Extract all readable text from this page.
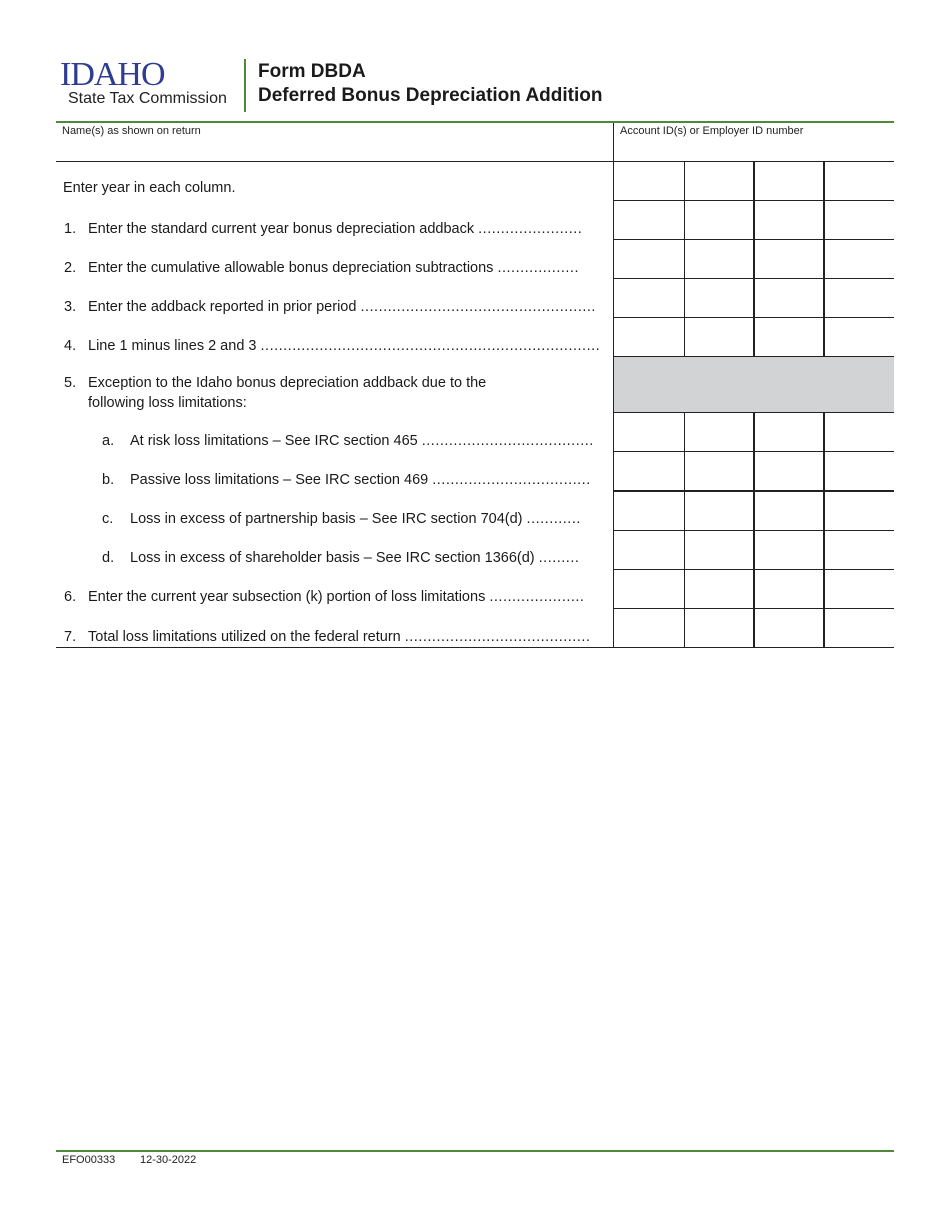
IDAHO
State Tax Commission
Form DBDA
Deferred Bonus Depreciation Addition
Name(s) as shown on return	Account ID(s) or Employer ID number
Enter year in each column.
1. Enter the standard current year bonus depreciation addback .......................
2. Enter the cumulative allowable bonus depreciation subtractions ..................
3. Enter the addback reported in prior period ....................................................
4. Line 1 minus lines 2 and 3 ...........................................................................
5. Exception to the Idaho bonus depreciation addback due to the
following loss limitations:
a. At risk loss limitations – See IRC section 465 ......................................
b. Passive loss limitations – See IRC section 469 ...................................
c. Loss in excess of partnership basis – See IRC section 704(d) ............
d. Loss in excess of shareholder basis – See IRC section 1366(d) .........
6. Enter the current year subsection (k) portion of loss limitations .....................
7. Total loss limitations utilized on the federal return .........................................
EFO00333 12-30-2022
